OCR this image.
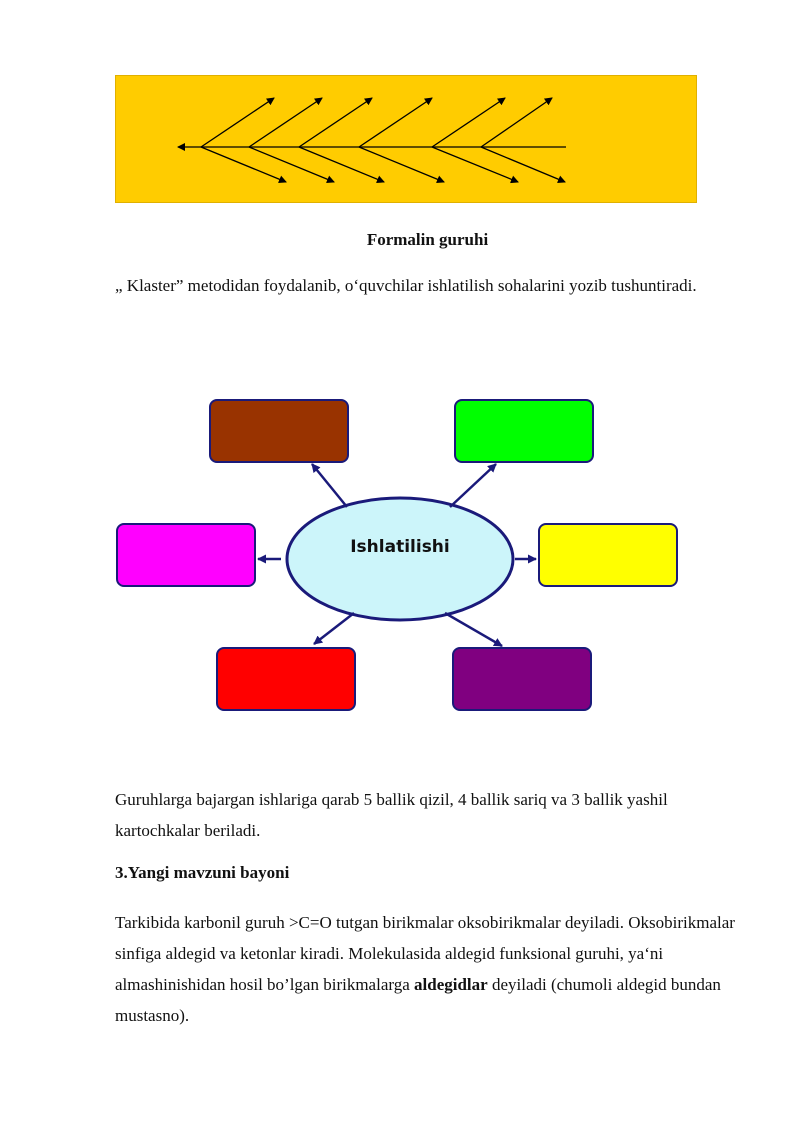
Formalin guruhi
„ Klaster” metodidan foydalanib, o‘quvchilar ishlatilish sohalarini yozib tushuntiradi.
Ishlatilishi
Guruhlarga bajargan ishlariga qarab 5 ballik qizil, 4 ballik sariq va 3 ballik yashil kartochkalar beriladi.
3.Yangi mavzuni bayoni
Tarkibida karbonil guruh >C=O tutgan birikmalar oksobirikmalar deyiladi. Oksobirikmalar sinfiga aldegid va ketonlar kiradi. Molekulasida aldegid funksional guruhi, ya‘ni almashinishidan hosil bo’lgan birikmalarga aldegidlar deyiladi (chumoli aldegid bundan mustasno).
